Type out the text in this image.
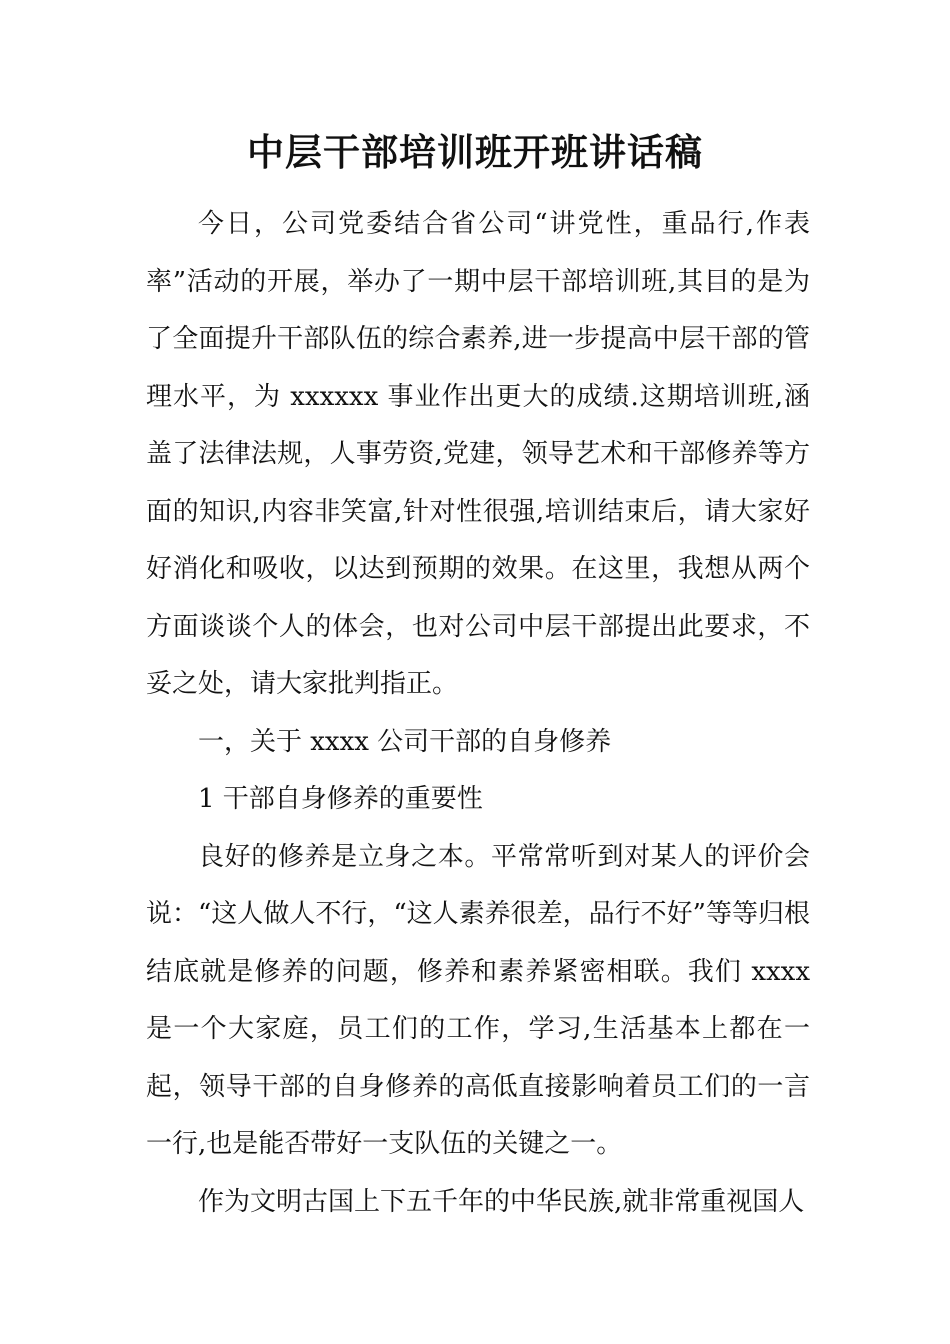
中层干部培训班开班讲话稿

今日，公司党委结合省公司“讲党性，重品行,作表率”活动的开展，举办了一期中层干部培训班,其目的是为了全面提升干部队伍的综合素养,进一步提高中层干部的管理水平，为 xxxxxx 事业作出更大的成绩.这期培训班,涵盖了法律法规，人事劳资,党建，领导艺术和干部修养等方面的知识,内容非笑富,针对性很强,培训结束后，请大家好好消化和吸收，以达到预期的效果。在这里，我想从两个方面谈谈个人的体会，也对公司中层干部提出此要求，不妥之处，请大家批判指正。

一，关于 xxxx 公司干部的自身修养

1 干部自身修养的重要性

良好的修养是立身之本。平常常听到对某人的评价会说：“这人做人不行，“这人素养很差，品行不好”等等归根结底就是修养的问题，修养和素养紧密相联。我们 xxxx 是一个大家庭，员工们的工作，学习,生活基本上都在一起，领导干部的自身修养的高低直接影响着员工们的一言一行,也是能否带好一支队伍的关键之一。

作为文明古国上下五千年的中华民族,就非常重视国人
